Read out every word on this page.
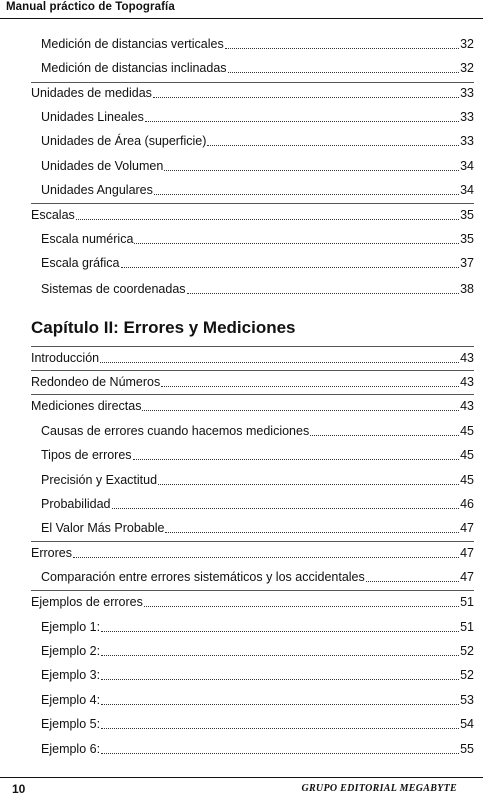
Manual práctico de Topografía
Medición de distancias verticales	32
Medición de distancias inclinadas	32
Unidades de medidas	33
Unidades Lineales	33
Unidades de Área (superficie)	33
Unidades de Volumen	34
Unidades Angulares	34
Escalas	35
Escala numérica	35
Escala gráfica	37
Sistemas de coordenadas	38
Capítulo II: Errores y Mediciones
Introducción	43
Redondeo de Números	43
Mediciones directas	43
Causas de errores cuando hacemos mediciones	45
Tipos de errores	45
Precisión y Exactitud	45
Probabilidad	46
El Valor Más Probable	47
Errores	47
Comparación entre errores sistemáticos y los accidentales	47
Ejemplos de errores	51
Ejemplo 1:	51
Ejemplo 2:	52
Ejemplo 3:	52
Ejemplo 4:	53
Ejemplo 5:	54
Ejemplo 6:	55
10	GRUPO EDITORIAL MEGABYTE
